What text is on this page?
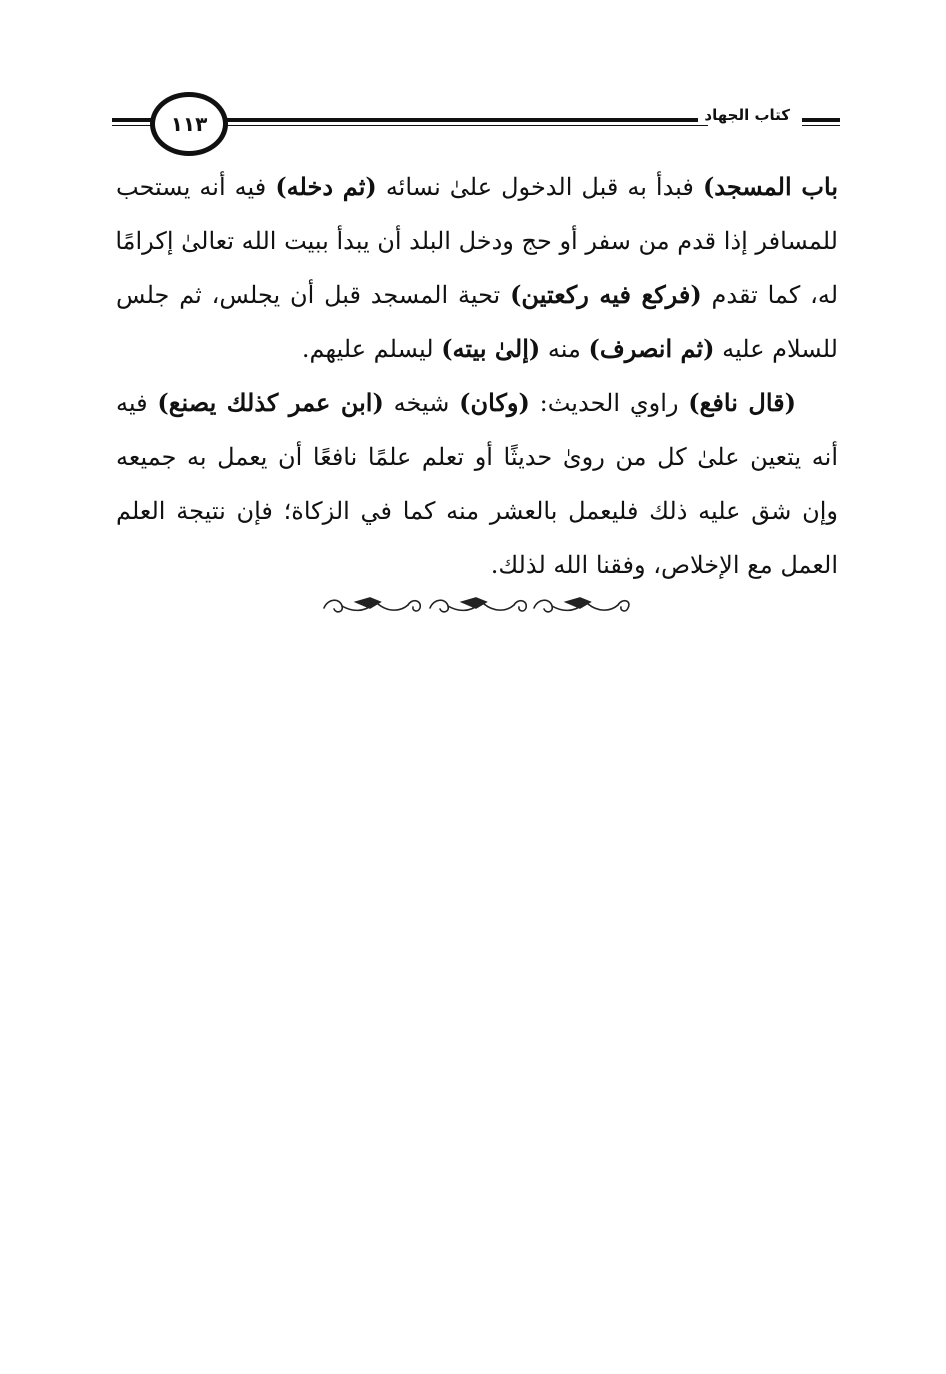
١١٣	كتاب الجهاد
باب المسجد) فبدأ به قبل الدخول علىٰ نسائه (ثم دخله) فيه أنه يستحب
للمسافر إذا قدم من سفر أو حج ودخل البلد أن يبدأ ببيت الله تعالىٰ إكرامًا
له، كما تقدم (فركع فيه ركعتين) تحية المسجد قبل أن يجلس، ثم جلس
للسلام عليه (ثم انصرف) منه (إلىٰ بيته) ليسلم عليهم.
(قال نافع) راوي الحديث: (وكان) شيخه (ابن عمر كذلك يصنع) فيه
أنه يتعين علىٰ كل من روىٰ حديثًا أو تعلم علمًا نافعًا أن يعمل به جميعه
وإن شق عليه ذلك فليعمل بالعشر منه كما في الزكاة؛ فإن نتيجة العلم
العمل مع الإخلاص، وفقنا الله لذلك.
